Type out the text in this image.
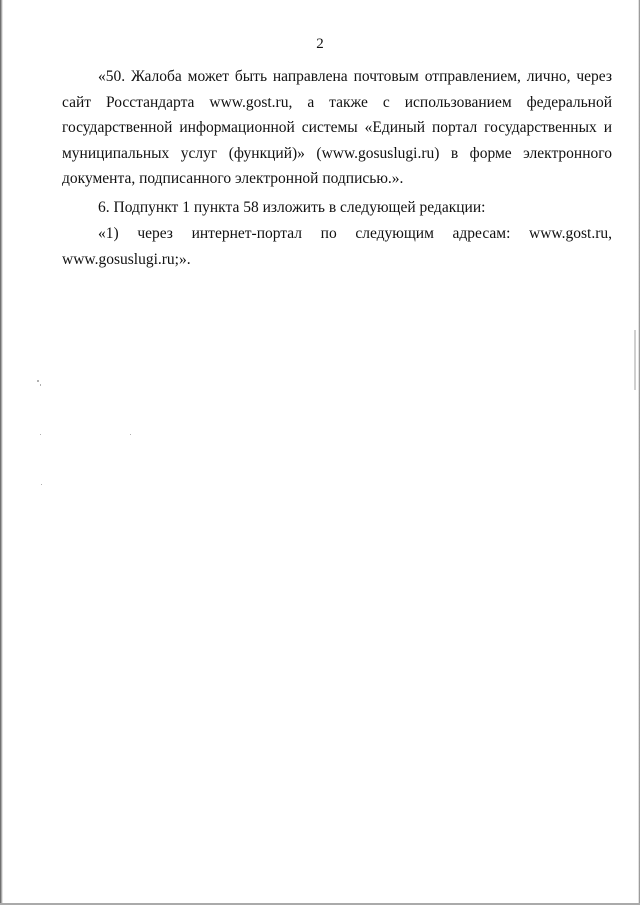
2

«50. Жалоба может быть направлена почтовым отправлением, лично, через сайт Росстандарта www.gost.ru, а также с использованием федеральной государственной информационной системы «Единый портал государственных и муниципальных услуг (функций)» (www.gosuslugi.ru) в форме электронного документа, подписанного электронной подписью.».

6. Подпункт 1 пункта 58 изложить в следующей редакции:

«1) через интернет-портал по следующим адресам: www.gost.ru, www.gosuslugi.ru;».
